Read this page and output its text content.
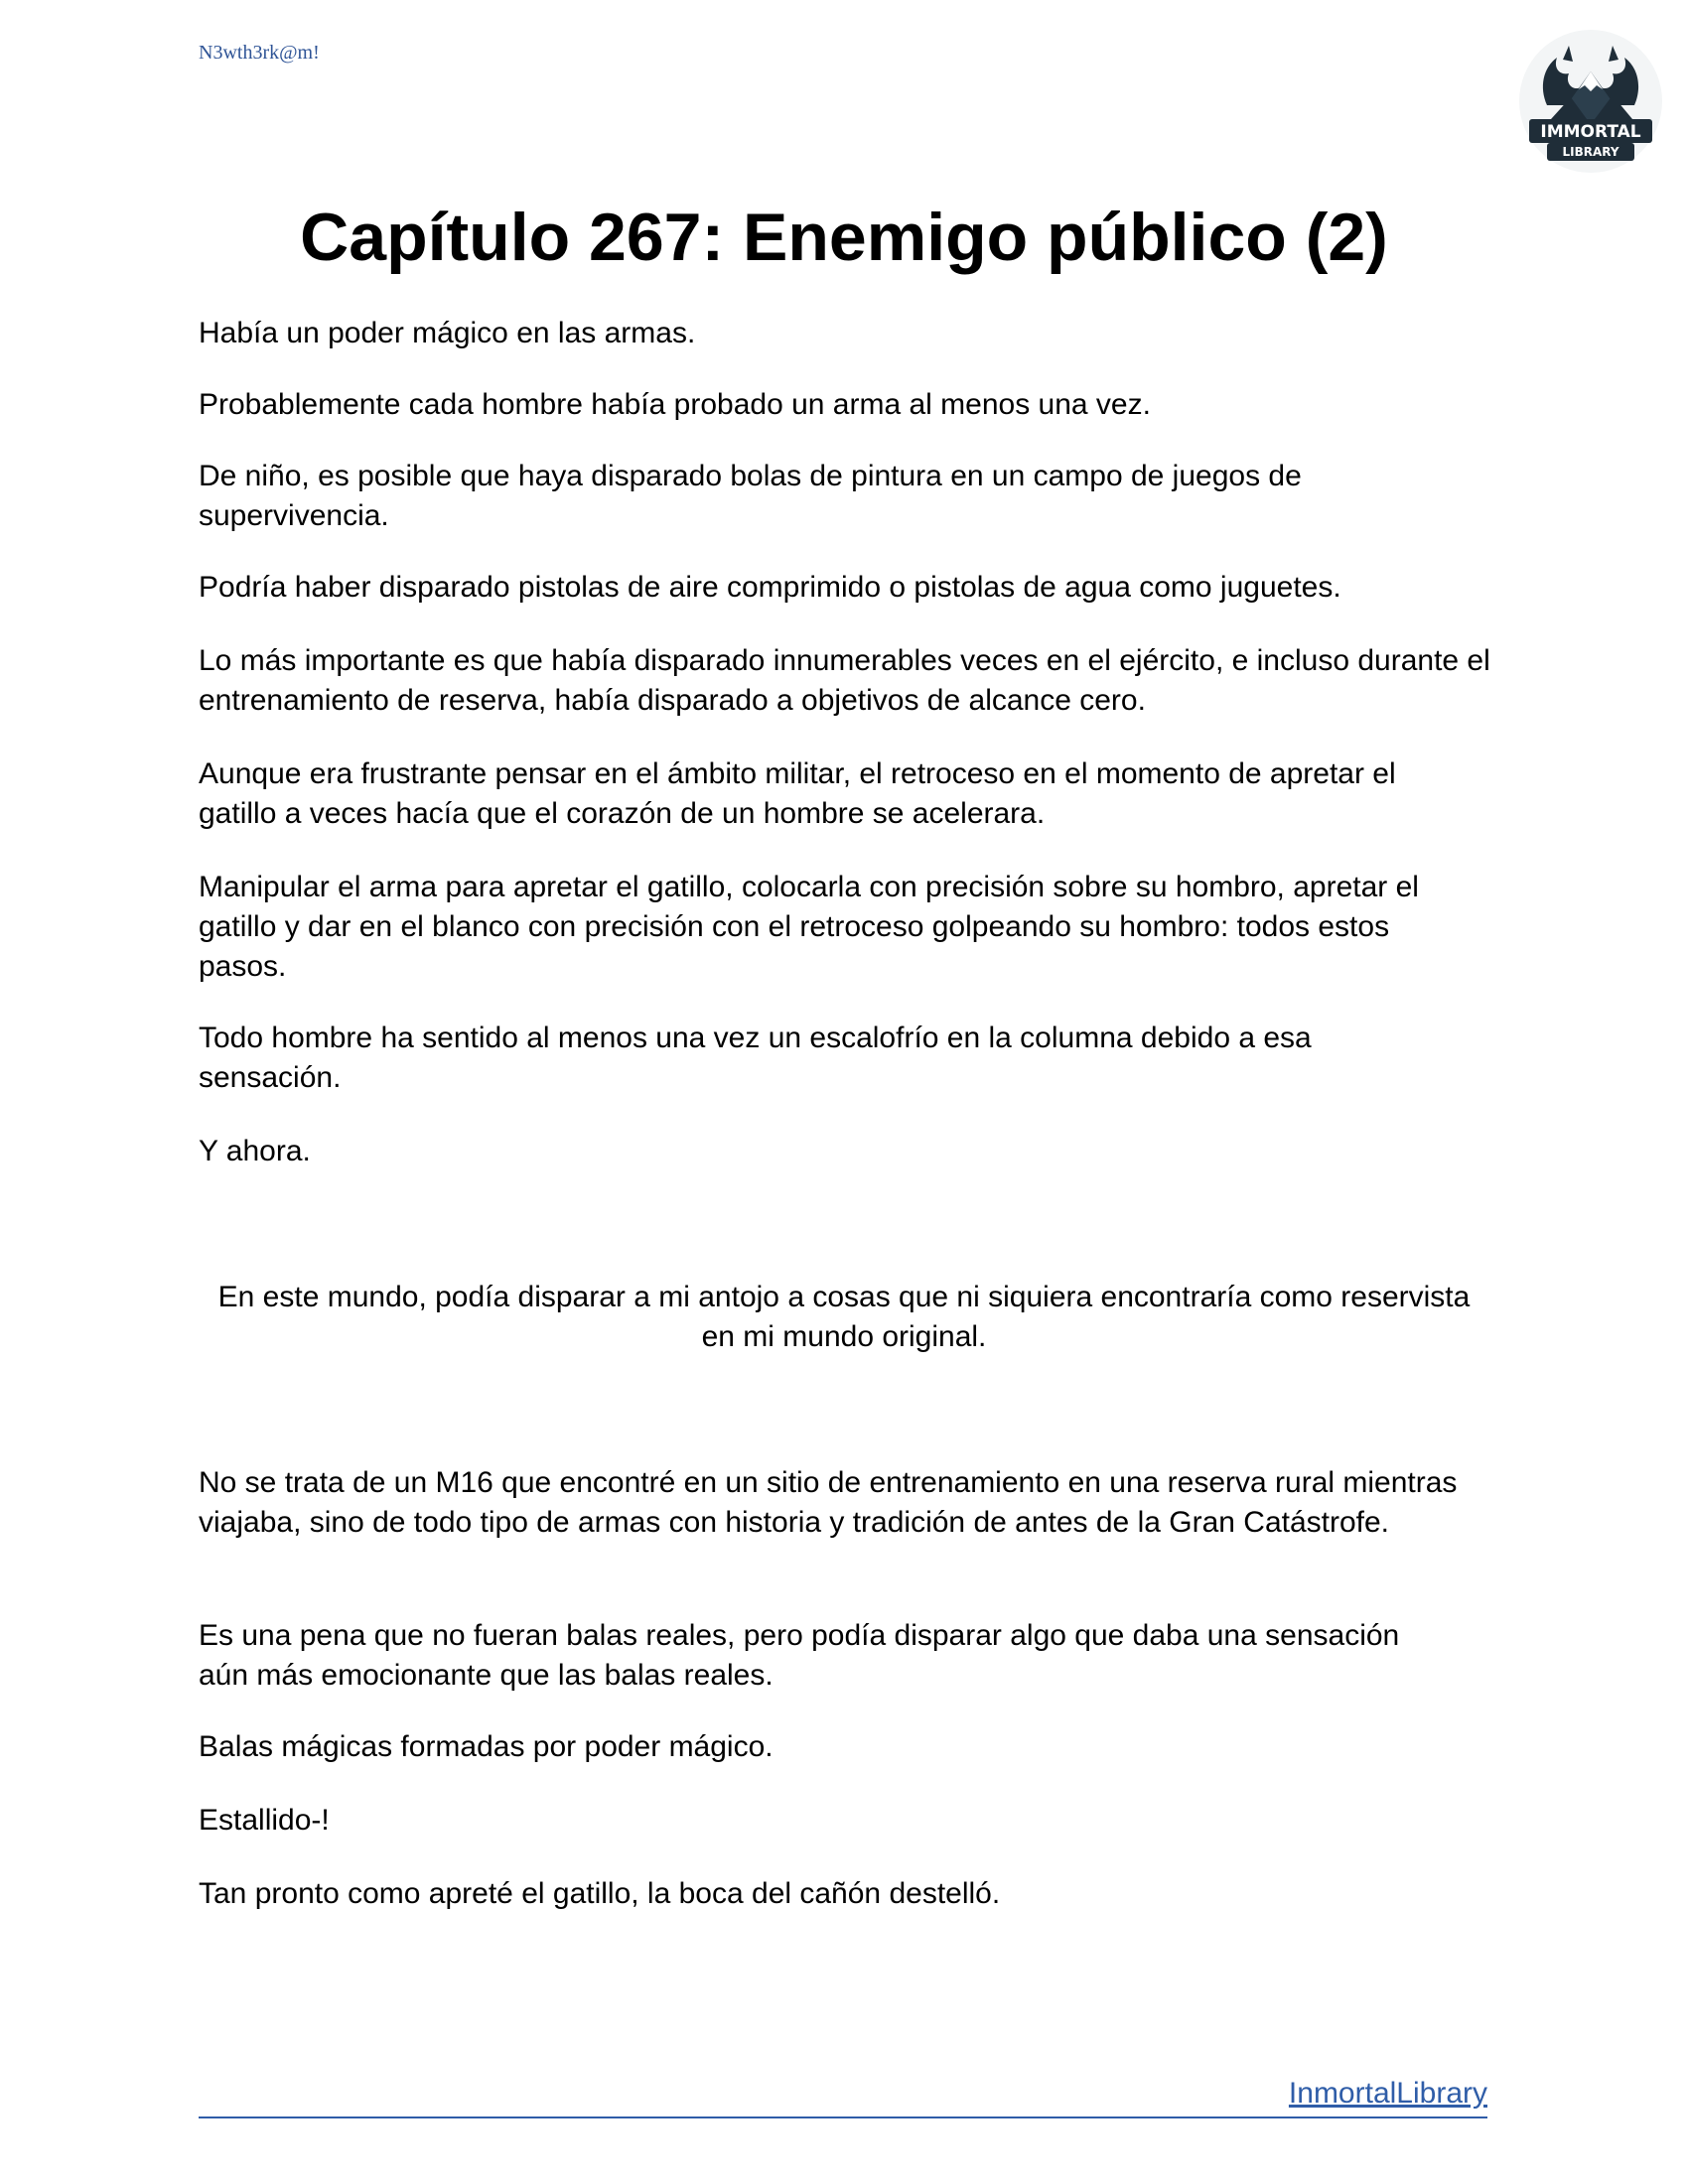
N3wth3rk@m!
IMMORTAL
LIBRARY
Capítulo 267: Enemigo público (2)

Había un poder mágico en las armas.

Probablemente cada hombre había probado un arma al menos una vez.

De niño, es posible que haya disparado bolas de pintura en un campo de juegos de supervivencia.

Podría haber disparado pistolas de aire comprimido o pistolas de agua como juguetes.

Lo más importante es que había disparado innumerables veces en el ejército, e incluso durante el entrenamiento de reserva, había disparado a objetivos de alcance cero.

Aunque era frustrante pensar en el ámbito militar, el retroceso en el momento de apretar el gatillo a veces hacía que el corazón de un hombre se acelerara.

Manipular el arma para apretar el gatillo, colocarla con precisión sobre su hombro, apretar el gatillo y dar en el blanco con precisión con el retroceso golpeando su hombro: todos estos pasos.

Todo hombre ha sentido al menos una vez un escalofrío en la columna debido a esa sensación.

Y ahora.

En este mundo, podía disparar a mi antojo a cosas que ni siquiera encontraría como reservista en mi mundo original.

No se trata de un M16 que encontré en un sitio de entrenamiento en una reserva rural mientras viajaba, sino de todo tipo de armas con historia y tradición de antes de la Gran Catástrofe.

Es una pena que no fueran balas reales, pero podía disparar algo que daba una sensación aún más emocionante que las balas reales.

Balas mágicas formadas por poder mágico.

Estallido-!

Tan pronto como apreté el gatillo, la boca del cañón destelló.

InmortalLibrary
